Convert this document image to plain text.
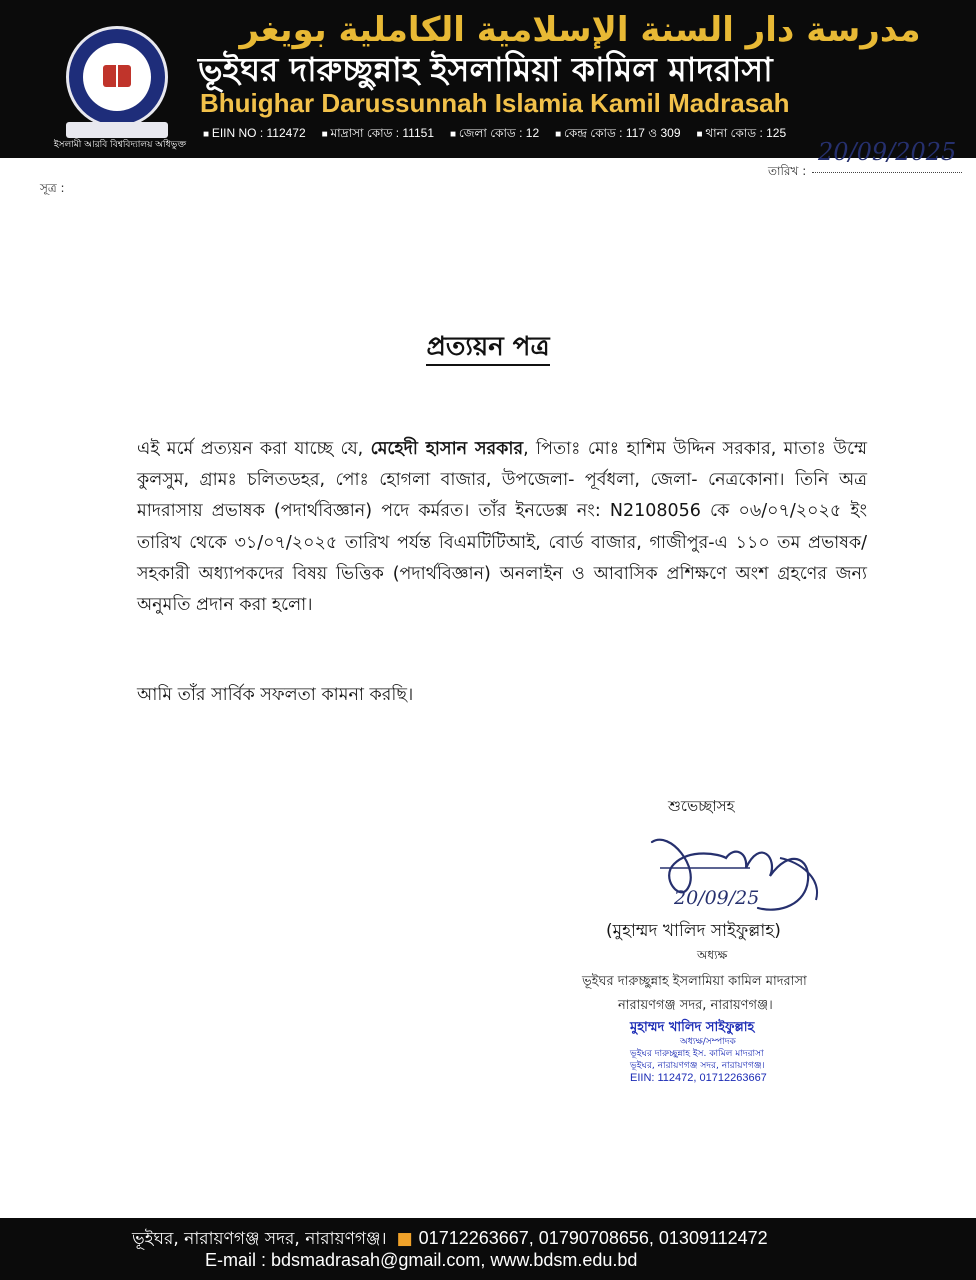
ইসলামী আরবি বিশ্ববিদ্যালয় অধিভুক্ত
مدرسة دار السنة الإسلامية الكاملية بويغر
ভূইঘর দারুচ্ছুন্নাহ ইসলামিয়া কামিল মাদরাসা
Bhuighar Darussunnah Islamia Kamil Madrasah
■ EIIN NO : 112472	■ মাদ্রাসা কোড : 11151	■ জেলা কোড : 12	■ কেন্দ্র কোড : 117 ও 309	■ থানা কোড : 125
তারিখ :
20/09/2025
সূত্র :
প্রত্যয়ন পত্র
এই মর্মে প্রত্যয়ন করা যাচ্ছে যে, মেহেদী হাসান সরকার, পিতাঃ মোঃ হাশিম উদ্দিন সরকার, মাতাঃ উম্মে কুলসুম, গ্রামঃ চলিতডহর, পোঃ হোগলা বাজার, উপজেলা- পূর্বধলা, জেলা- নেত্রকোনা। তিনি অত্র মাদরাসায় প্রভাষক (পদার্থবিজ্ঞান) পদে কর্মরত। তাঁর ইনডেক্স নং: N2108056 কে ০৬/০৭/২০২৫ ইং তারিখ থেকে ৩১/০৭/২০২৫ তারিখ পর্যন্ত বিএমটিটিআই, বোর্ড বাজার, গাজীপুর-এ ১১০ তম প্রভাষক/সহকারী অধ্যাপকদের বিষয় ভিত্তিক (পদার্থবিজ্ঞান) অনলাইন ও আবাসিক প্রশিক্ষণে অংশ গ্রহণের জন্য অনুমতি প্রদান করা হলো।
আমি তাঁর সার্বিক সফলতা কামনা করছি।
শুভেচ্ছাসহ
20/09/25
(মুহাম্মদ খালিদ সাইফুল্লাহ)
অধ্যক্ষ
ভূইঘর দারুচ্ছুন্নাহ ইসলামিয়া কামিল মাদরাসা
নারায়ণগঞ্জ সদর, নারায়ণগঞ্জ।
মুহাম্মদ খালিদ সাইফুল্লাহ
অধ্যক্ষ/সম্পাদক
ভূইঘর দারুচ্ছুন্নাহ ইস. কামিল মাদরাসা
ভূইঘর, নারায়ণগঞ্জ সদর, নারায়ণগঞ্জ।
EIIN: 112472, 01712263667
ভূইঘর, নারায়ণগঞ্জ সদর, নারায়ণগঞ্জ। ■ 01712263667, 01790708656, 01309112472
E-mail : bdsmadrasah@gmail.com, www.bdsm.edu.bd
